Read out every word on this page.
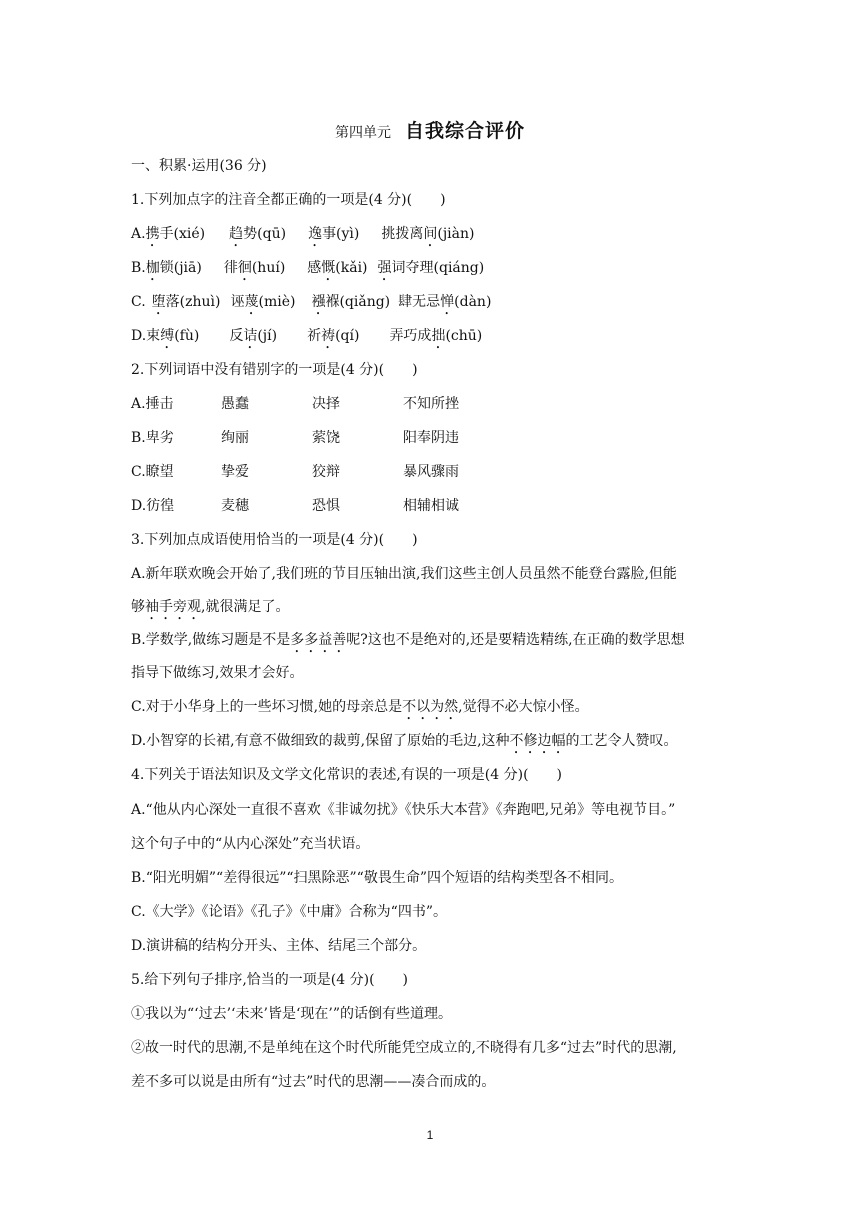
第四单元 自我综合评价
一、积累·运用(36 分)
1.下列加点字的注音全都正确的一项是(4 分)(　　)
A.携手(xié) 趋势(qū) 逸事(yì) 挑拨离间(jiàn)
B.枷锁(jiā) 徘徊(huí) 感慨(kǎi) 强词夺理(qiáng)
C. 堕落(zhuì) 诬蔑(miè) 襁褓(qiǎng) 肆无忌惮(dàn)
D.束缚(fù) 反诘(jí) 祈祷(qí) 弄巧成拙(chū)
2.下列词语中没有错别字的一项是(4 分)(　　)
A.捶击	愚蠢	决择	不知所挫
B.卑劣	绚丽	萦饶	阳奉阴违
C.瞭望	挚爱	狡辩	暴风骤雨
D.彷徨	麦穗	恐惧	相辅相诚
3.下列加点成语使用恰当的一项是(4 分)(　　)
A.新年联欢晚会开始了,我们班的节目压轴出演,我们这些主创人员虽然不能登台露脸,但能
够袖手旁观,就很满足了。
B.学数学,做练习题是不是多多益善呢?这也不是绝对的,还是要精选精练,在正确的数学思想
指导下做练习,效果才会好。
C.对于小华身上的一些坏习惯,她的母亲总是不以为然,觉得不必大惊小怪。
D.小智穿的长裙,有意不做细致的裁剪,保留了原始的毛边,这种不修边幅的工艺令人赞叹。
4.下列关于语法知识及文学文化常识的表述,有误的一项是(4 分)(　　)
A.“他从内心深处一直很不喜欢《非诚勿扰》《快乐大本营》《奔跑吧,兄弟》等电视节目。”
这个句子中的“从内心深处”充当状语。
B.“阳光明媚”“差得很远”“扫黑除恶”“敬畏生命”四个短语的结构类型各不相同。
C.《大学》《论语》《孔子》《中庸》合称为“四书”。
D.演讲稿的结构分开头、主体、结尾三个部分。
5.给下列句子排序,恰当的一项是(4 分)(　　)
①我以为“‘过去’‘未来’皆是‘现在’”的话倒有些道理。
②故一时代的思潮,不是单纯在这个时代所能凭空成立的,不晓得有几多“过去”时代的思潮,
差不多可以说是由所有“过去”时代的思潮——凑合而成的。
1
